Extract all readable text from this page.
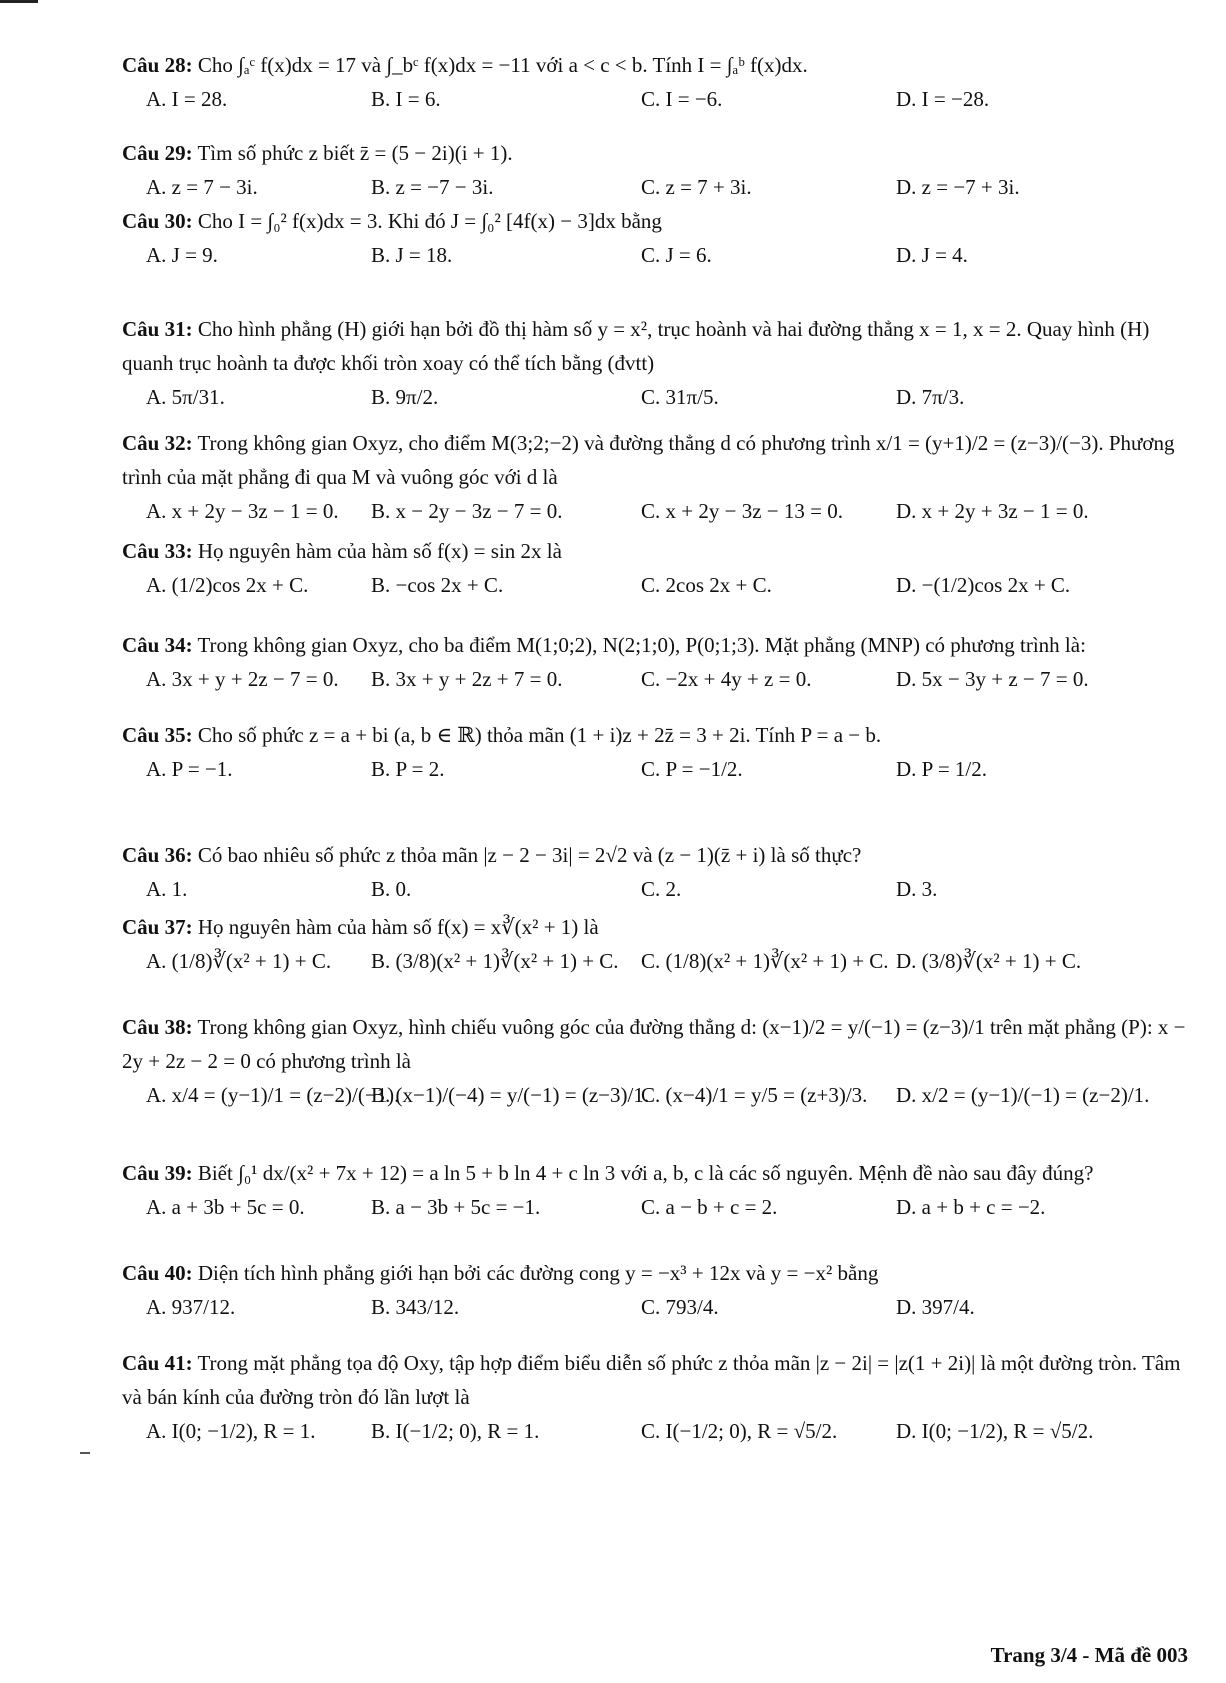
Câu 28: Cho ∫ₐᶜ f(x)dx = 17 và ∫_bᶜ f(x)dx = −11 với a < c < b. Tính I = ∫ₐᵇ f(x)dx.
A. I = 28.	B. I = 6.	C. I = −6.	D. I = −28.
Câu 29: Tìm số phức z biết z̄ = (5 − 2i)(i + 1).
A. z = 7 − 3i.	B. z = −7 − 3i.	C. z = 7 + 3i.	D. z = −7 + 3i.
Câu 30: Cho I = ∫₀² f(x)dx = 3. Khi đó J = ∫₀² [4f(x) − 3]dx bằng
A. J = 9.	B. J = 18.	C. J = 6.	D. J = 4.
Câu 31: Cho hình phẳng (H) giới hạn bởi đồ thị hàm số y = x², trục hoành và hai đường thẳng x = 1, x = 2. Quay hình (H) quanh trục hoành ta được khối tròn xoay có thể tích bằng (đvtt)
A. 5π/31.	B. 9π/2.	C. 31π/5.	D. 7π/3.
Câu 32: Trong không gian Oxyz, cho điểm M(3;2;−2) và đường thẳng d có phương trình x/1 = (y+1)/2 = (z−3)/(−3). Phương trình của mặt phẳng đi qua M và vuông góc với d là
A. x + 2y − 3z − 1 = 0.	B. x − 2y − 3z − 7 = 0.	C. x + 2y − 3z − 13 = 0.	D. x + 2y + 3z − 1 = 0.
Câu 33: Họ nguyên hàm của hàm số f(x) = sin 2x là
A. (1/2)cos 2x + C.	B. −cos 2x + C.	C. 2cos 2x + C.	D. −(1/2)cos 2x + C.
Câu 34: Trong không gian Oxyz, cho ba điểm M(1;0;2), N(2;1;0), P(0;1;3). Mặt phẳng (MNP) có phương trình là:
A. 3x + y + 2z − 7 = 0.	B. 3x + y + 2z + 7 = 0.	C. −2x + 4y + z = 0.	D. 5x − 3y + z − 7 = 0.
Câu 35: Cho số phức z = a + bi (a, b ∈ ℝ) thỏa mãn (1 + i)z + 2z̄ = 3 + 2i. Tính P = a − b.
A. P = −1.	B. P = 2.	C. P = −1/2.	D. P = 1/2.
Câu 36: Có bao nhiêu số phức z thỏa mãn |z − 2 − 3i| = 2√2 và (z − 1)(z̄ + i) là số thực?
A. 1.	B. 0.	C. 2.	D. 3.
Câu 37: Họ nguyên hàm của hàm số f(x) = x∛(x² + 1) là
A. (1/8)∛(x² + 1) + C.	B. (3/8)(x² + 1)∛(x² + 1) + C.	C. (1/8)(x² + 1)∛(x² + 1) + C. D. (3/8)∛(x² + 1) + C.
Câu 38: Trong không gian Oxyz, hình chiếu vuông góc của đường thẳng d: (x−1)/2 = y/(−1) = (z−3)/1 trên mặt phẳng (P): x − 2y + 2z − 2 = 0 có phương trình là
A. x/4 = (y−1)/1 = (z−2)/(−1).
B. (x−1)/(−4) = y/(−1) = (z−3)/1.
C. (x−4)/1 = y/5 = (z+3)/3.	D. x/2 = (y−1)/(−1) = (z−2)/1.
Câu 39: Biết ∫₀¹ dx/(x² + 7x + 12) = a ln 5 + b ln 4 + c ln 3 với a, b, c là các số nguyên. Mệnh đề nào sau đây đúng?
A. a + 3b + 5c = 0.	B. a − 3b + 5c = −1.	C. a − b + c = 2.	D. a + b + c = −2.
Câu 40: Diện tích hình phẳng giới hạn bởi các đường cong y = −x³ + 12x và y = −x² bằng
A. 937/12.	B. 343/12.	C. 793/4.	D. 397/4.
Câu 41: Trong mặt phẳng tọa độ Oxy, tập hợp điểm biểu diễn số phức z thỏa mãn |z − 2i| = |z(1 + 2i)| là một đường tròn. Tâm và bán kính của đường tròn đó lần lượt là
A. I(0; −1/2), R = 1.	B. I(−1/2; 0), R = 1.	C. I(−1/2; 0), R = √5/2.	D. I(0; −1/2), R = √5/2.
Trang 3/4 - Mã đề 003
